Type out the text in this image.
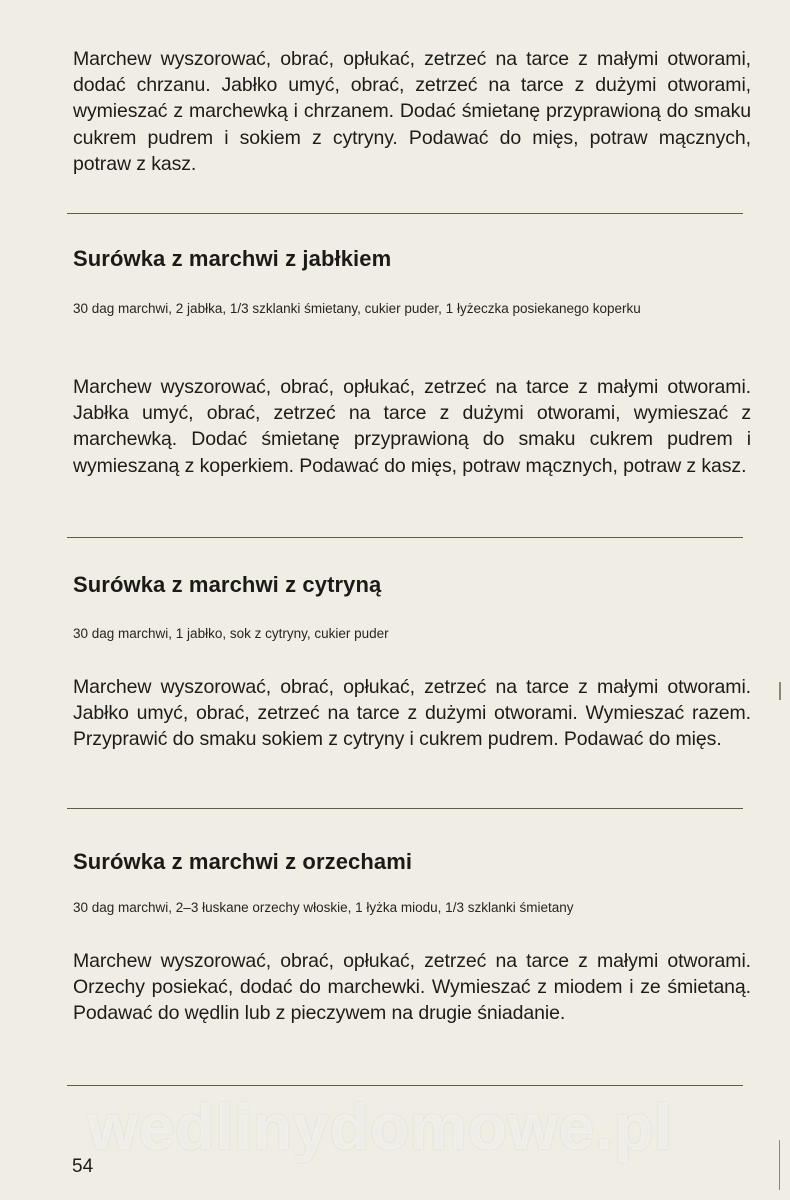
Marchew wyszorować, obrać, opłukać, zetrzeć na tarce z małymi otworami, dodać chrzanu. Jabłko umyć, obrać, zetrzeć na tarce z dużymi otworami, wymieszać z marchewką i chrzanem. Dodać śmietanę przyprawioną do smaku cukrem pudrem i sokiem z cytryny. Podawać do mięs, potraw mącznych, potraw z kasz.
Surówka z marchwi z jabłkiem
30 dag marchwi, 2 jabłka, 1/3 szklanki śmietany, cukier puder, 1 łyżeczka posiekanego koperku
Marchew wyszorować, obrać, opłukać, zetrzeć na tarce z małymi otworami. Jabłka umyć, obrać, zetrzeć na tarce z dużymi otworami, wymieszać z marchewką. Dodać śmietanę przyprawioną do smaku cukrem pudrem i wymieszaną z koperkiem. Podawać do mięs, potraw mącznych, potraw z kasz.
Surówka z marchwi z cytryną
30 dag marchwi, 1 jabłko, sok z cytryny, cukier puder
Marchew wyszorować, obrać, opłukać, zetrzeć na tarce z małymi otworami. Jabłko umyć, obrać, zetrzeć na tarce z dużymi otworami. Wymieszać razem. Przyprawić do smaku sokiem z cytryny i cukrem pudrem. Podawać do mięs.
Surówka z marchwi z orzechami
30 dag marchwi, 2–3 łuskane orzechy włoskie, 1 łyżka miodu, 1/3 szklanki śmietany
Marchew wyszorować, obrać, opłukać, zetrzeć na tarce z małymi otworami. Orzechy posiekać, dodać do marchewki. Wymieszać z miodem i ze śmietaną. Podawać do wędlin lub z pieczywem na drugie śniadanie.
wedlinydomowe.pl
54
